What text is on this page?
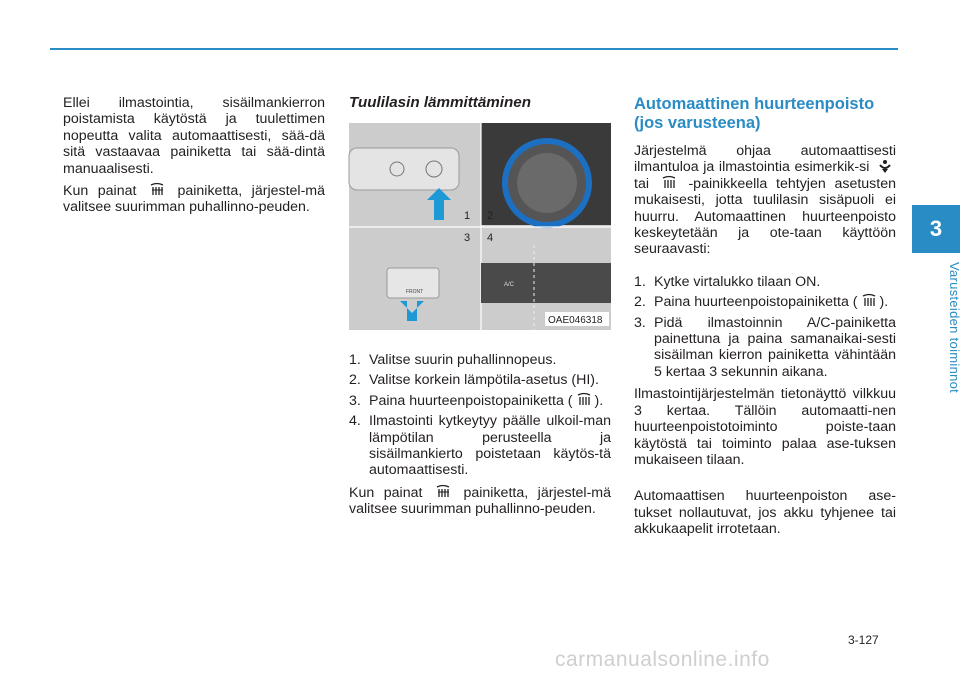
3
Varusteiden toiminnot

Ellei ilmastointia, sisäilmankierron poistamista käytöstä ja tuulettimen nopeutta valita automaattisesti, sää-dä sitä vastaavaa painiketta tai sää-dintä manuaalisesti.

Kun painat	painiketta, järjestel-mä valitsee suurimman puhallinno-peuden.

Tuulilasin lämmittäminen
1 2
3 4
FRONT
A/C
OAE046318
1. Valitse suurin puhallinnopeus.
2. Valitse korkein lämpötila-asetus (HI).
3. Paina huurteenpoistopainiketta ( ).
4. Ilmastointi kytkeytyy päälle ulkoil-man lämpötilan perusteella ja sisäilmankierto poistetaan käytös-tä automaattisesti.

Kun painat	painiketta, järjestel-mä valitsee suurimman puhallinno-peuden.

Automaattinen huurteenpoisto (jos varusteena)

Järjestelmä ohjaa automaattisesti ilmantuloa ja ilmastointia esimerkik-si  tai	-painikkeella tehtyjen asetusten mukaisesti, jotta tuulilasin sisäpuoli ei huurru. Automaattinen huurteenpoisto keskeytetään ja ote-taan käyttöön seuraavasti:

1. Kytke virtalukko tilaan ON.
2. Paina huurteenpoistopainiketta ( ).
3. Pidä ilmastoinnin A/C-painiketta painettuna ja paina samanaikai-sesti sisäilman kierron painiketta vähintään 5 kertaa 3 sekunnin aikana.

Ilmastointijärjestelmän tietonäyttö vilkkuu 3 kertaa. Tällöin automaatti-nen huurteenpoistotoiminto poiste-taan käytöstä tai toiminto palaa ase-tuksen mukaiseen tilaan.

Automaattisen huurteenpoiston ase-tukset nollautuvat, jos akku tyhjenee tai akkukaapelit irrotetaan.

3-127
carmanualsonline.info
